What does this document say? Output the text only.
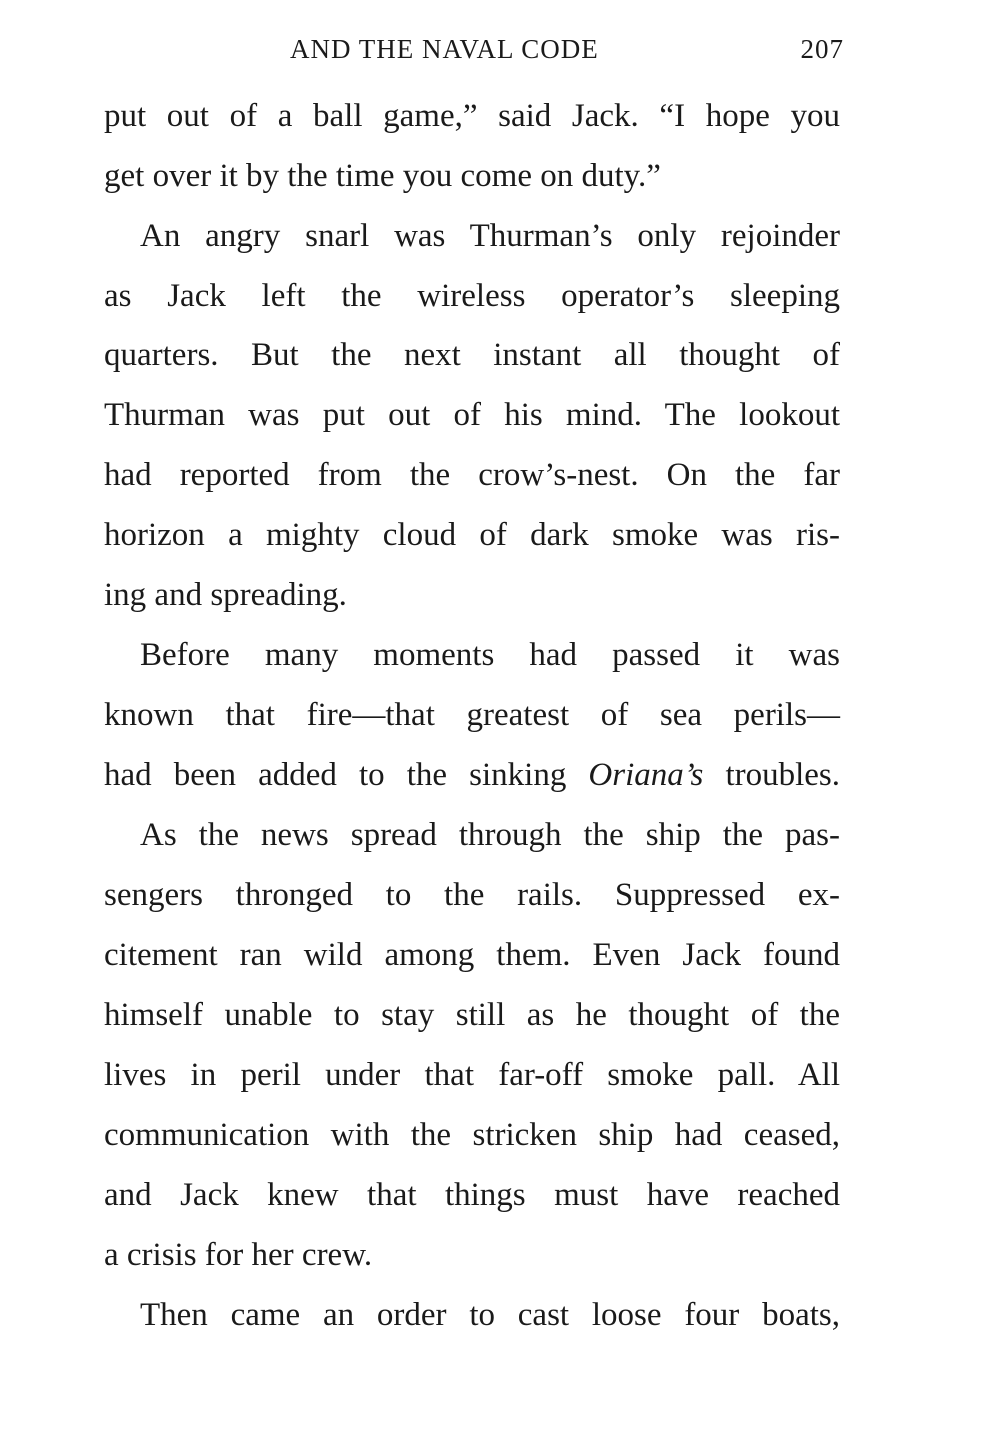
AND THE NAVAL CODE	207
put out of a ball game,” said Jack. “I hope you
get over it by the time you come on duty.”
An angry snarl was Thurman’s only rejoinder
as Jack left the wireless operator’s sleeping
quarters. But the next instant all thought of
Thurman was put out of his mind. The lookout
had reported from the crow’s-nest. On the far
horizon a mighty cloud of dark smoke was ris-
ing and spreading.
Before many moments had passed it was
known that fire—that greatest of sea perils—
had been added to the sinking Oriana’s troubles.
As the news spread through the ship the pas-
sengers thronged to the rails. Suppressed ex-
citement ran wild among them. Even Jack found
himself unable to stay still as he thought of the
lives in peril under that far-off smoke pall. All
communication with the stricken ship had ceased,
and Jack knew that things must have reached
a crisis for her crew.
Then came an order to cast loose four boats,
